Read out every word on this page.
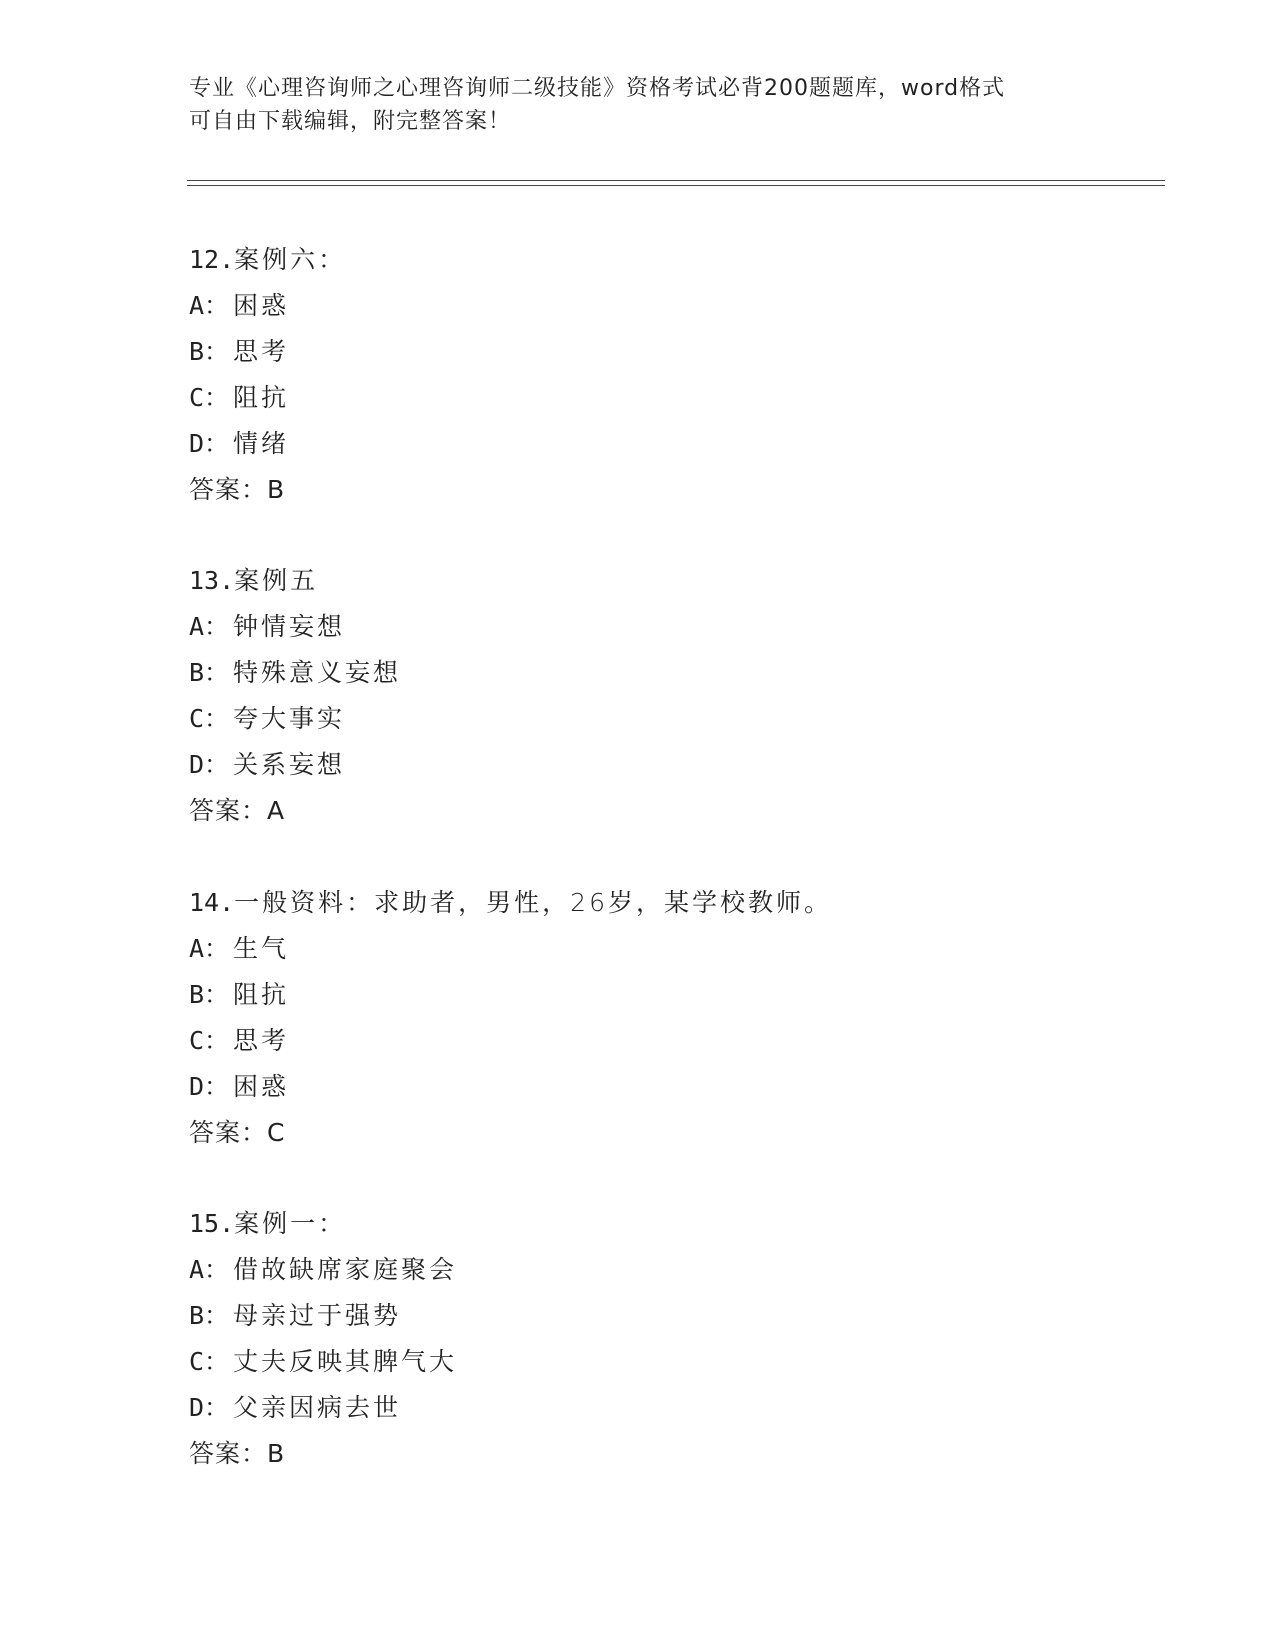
专业《心理咨询师之心理咨询师二级技能》资格考试必背200题题库，word格式

可自由下载编辑，附完整答案！

12.案例六：
A： 困惑
B： 思考
C： 阻抗
D： 情绪
答案：B
13.案例五
A： 钟情妄想
B： 特殊意义妄想
C： 夸大事实
D： 关系妄想
答案：A
14.一般资料：求助者，男性，26岁，某学校教师。
A： 生气
B： 阻抗
C： 思考
D： 困惑
答案：C
15.案例一：
A： 借故缺席家庭聚会
B： 母亲过于强势
C： 丈夫反映其脾气大
D： 父亲因病去世
答案：B
